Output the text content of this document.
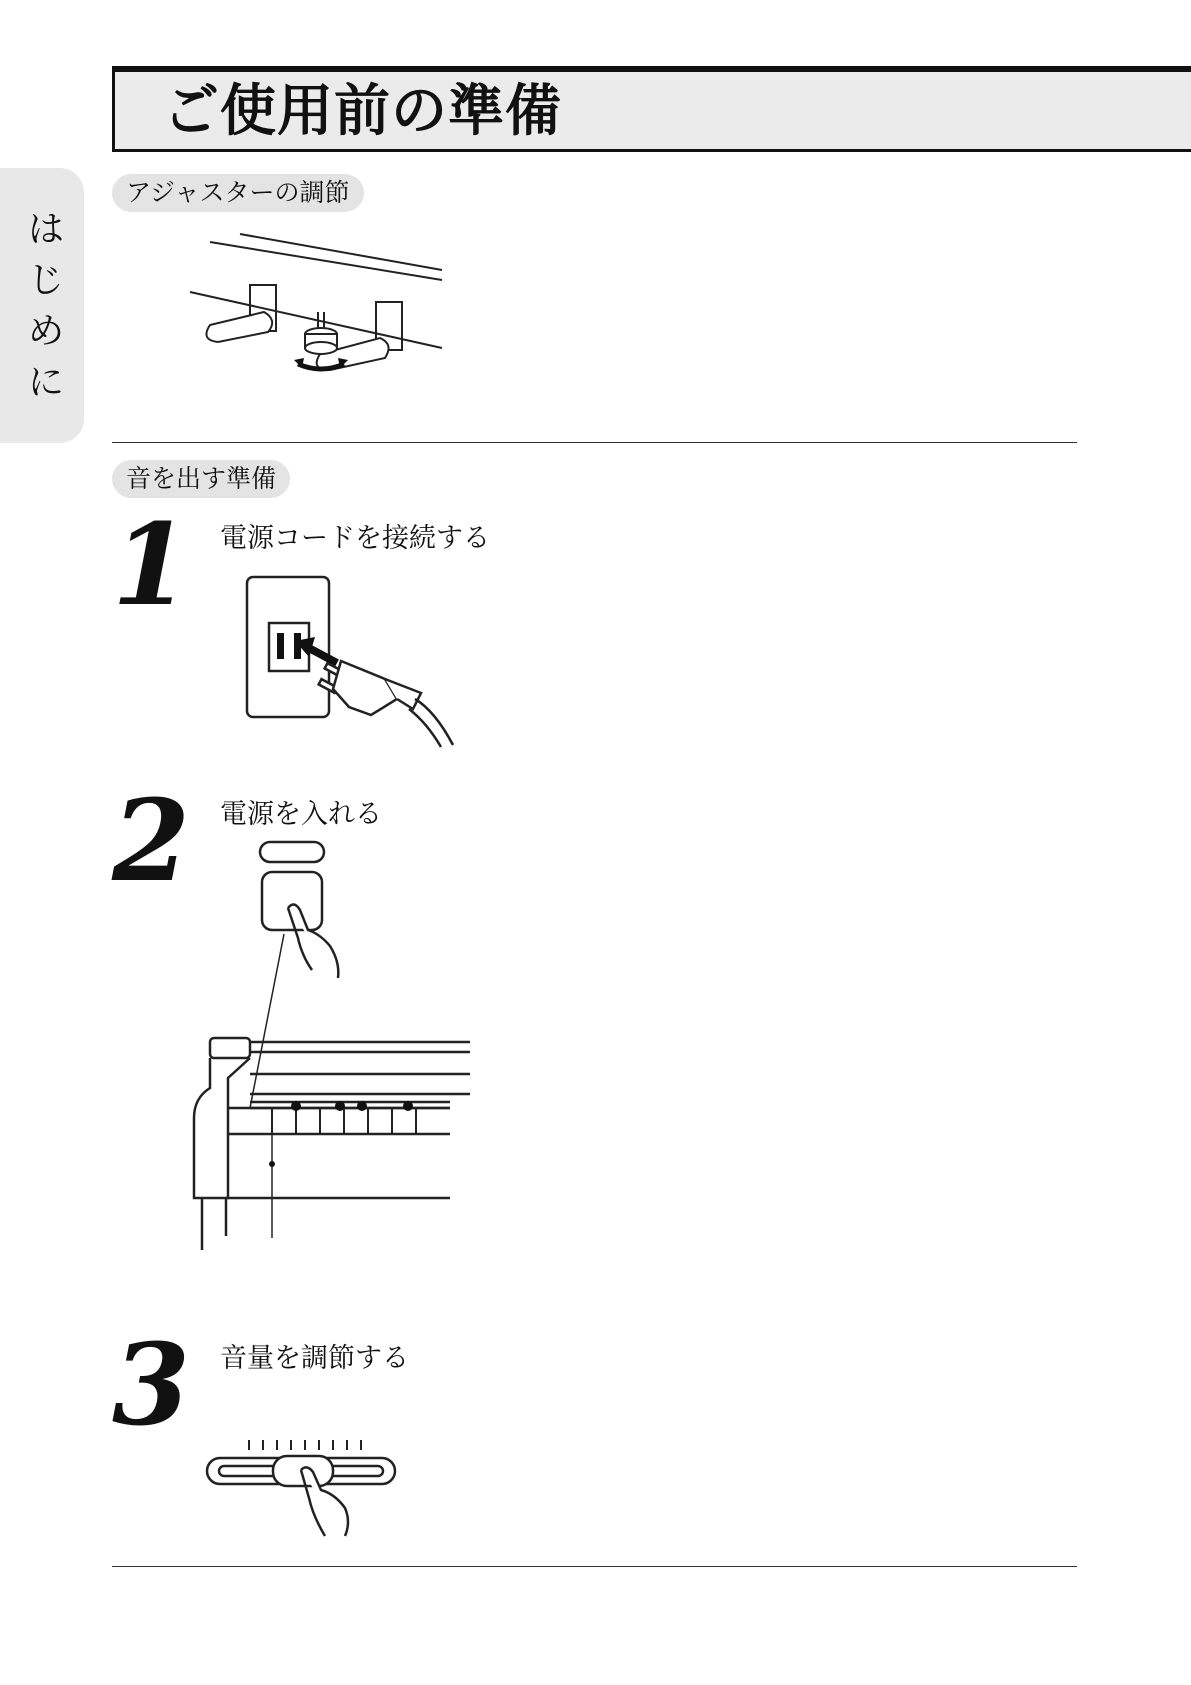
ご使用前の準備
はじめに
アジャスターの調節
音を出す準備
1 電源コードを接続する
2 電源を入れる
3 音量を調節する
